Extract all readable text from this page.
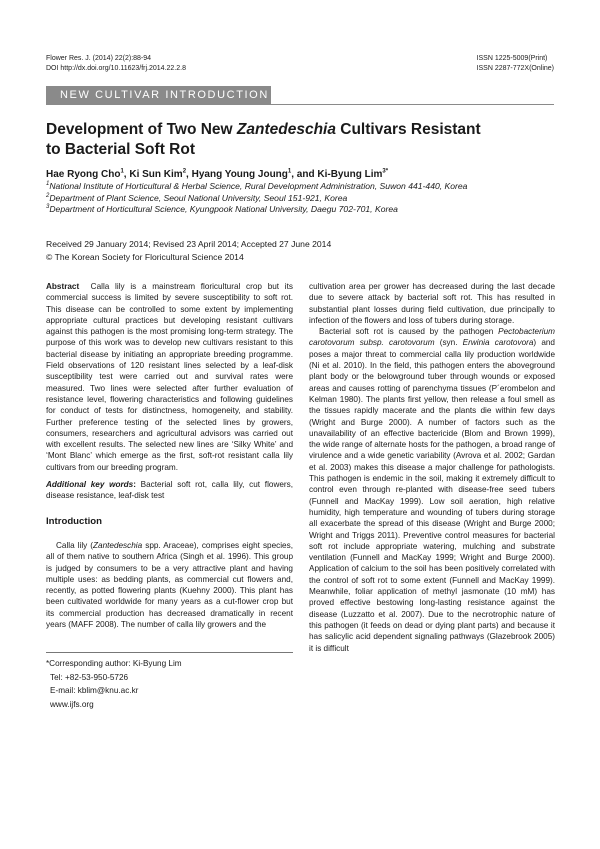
Flower Res. J. (2014) 22(2):88-94
DOI http://dx.doi.org/10.11623/frj.2014.22.2.8
ISSN 1225-5009(Print)
ISSN 2287-772X(Online)
NEW CULTIVAR INTRODUCTION
Development of Two New Zantedeschia Cultivars Resistant
to Bacterial Soft Rot
Hae Ryong Cho$^1$, Ki Sun Kim$^2$, Hyang Young Joung$^1$, and Ki-Byung Lim$^{3*}$
$^1$National Institute of Horticultural & Herbal Science, Rural Development Administration, Suwon 441-440, Korea
$^2$Department of Plant Science, Seoul National University, Seoul 151-921, Korea
$^3$Department of Horticultural Science, Kyungpook National University, Daegu 702-701, Korea
Received 29 January 2014; Revised 23 April 2014; Accepted 27 June 2014
© The Korean Society for Floricultural Science 2014

Abstract Calla lily is a mainstream floricultural crop but its commercial success is limited by severe susceptibility to soft rot. This disease can be controlled to some extent by implementing appropriate cultural practices but developing resistant cultivars against this pathogen is the most promising long-term strategy. The purpose of this work was to develop new cultivars resistant to this bacterial disease by initiating an appropriate breeding programme. Field observations of 120 resistant lines selected by a leaf-disk susceptibility test were carried out and survival rates were measured. Two lines were selected after further evaluation of resistance level, flowering characteristics and following guidelines for conduct of tests for distinctness, homogeneity, and stability. Further preference testing of the selected lines by growers, consumers, researchers and agricultural advisors was carried out with excellent results. The selected new lines are ‘Silky White’ and ‘Mont Blanc’ which emerge as the first, soft-rot resistant calla lily cultivars from our breeding program.

Additional key words: Bacterial soft rot, calla lily, cut flowers, disease resistance, leaf-disk test

Introduction

Calla lily (Zantedeschia spp. Araceae), comprises eight species, all of them native to southern Africa (Singh et al. 1996). This group is judged by consumers to be a very attractive plant and having multiple uses: as bedding plants, as commercial cut flowers and, recently, as potted flowering plants (Kuehny 2000). This plant has been cultivated worldwide for many years as a cut-flower crop but its commercial production has decreased dramatically in recent years (MAFF 2008). The number of calla lily growers and the

*Corresponding author: Ki-Byung Lim
Tel: +82-53-950-5726
E-mail: kblim@knu.ac.kr
www.ijfs.org

cultivation area per grower has decreased during the last decade due to severe attack by bacterial soft rot. This has resulted in substantial plant losses during field cultivation, due principally to infection of the flowers and loss of tubers during storage.

Bacterial soft rot is caused by the pathogen Pectobacterium carotovorum subsp. carotovorum (syn. Erwinia carotovora) and poses a major threat to commercial calla lily production worldwide (Ni et al. 2010). In the field, this pathogen enters the aboveground plant body or the belowground tuber through wounds or exposed areas and causes rotting of parenchyma tissues (P´erombelon and Kelman 1980). The plants first yellow, then release a foul smell as the tissues rapidly macerate and the plants die within few days (Wright and Burge 2000). A number of factors such as the unavailability of an effective bactericide (Blom and Brown 1999), the wide range of alternate hosts for the pathogen, a broad range of virulence and a wide genetic variability (Avrova et al. 2002; Gardan et al. 2003) makes this disease a major challenge for pathologists. This pathogen is endemic in the soil, making it extremely difficult to control even through re-planted with disease-free seed tubers (Funnell and MacKay 1999). Low soil aeration, high relative humidity, high temperature and wounding of tubers during storage all exacerbate the spread of this disease (Wright and Burge 2000; Wright and Triggs 2011). Preventive control measures for bacterial soft rot include appropriate watering, mulching and substrate ventilation (Funnell and MacKay 1999; Wright and Burge 2000). Application of calcium to the soil has been positively correlated with the control of soft rot to some extent (Funnell and MacKay 1999). Meanwhile, foliar application of methyl jasmonate (10 mM) has proved effective bestowing long-lasting resistance against the disease (Luzzatto et al. 2007). Due to the necrotrophic nature of this pathogen (it feeds on dead or dying plant parts) and because it has salicylic acid dependent signaling pathways (Glazebrook 2005) it is difficult
